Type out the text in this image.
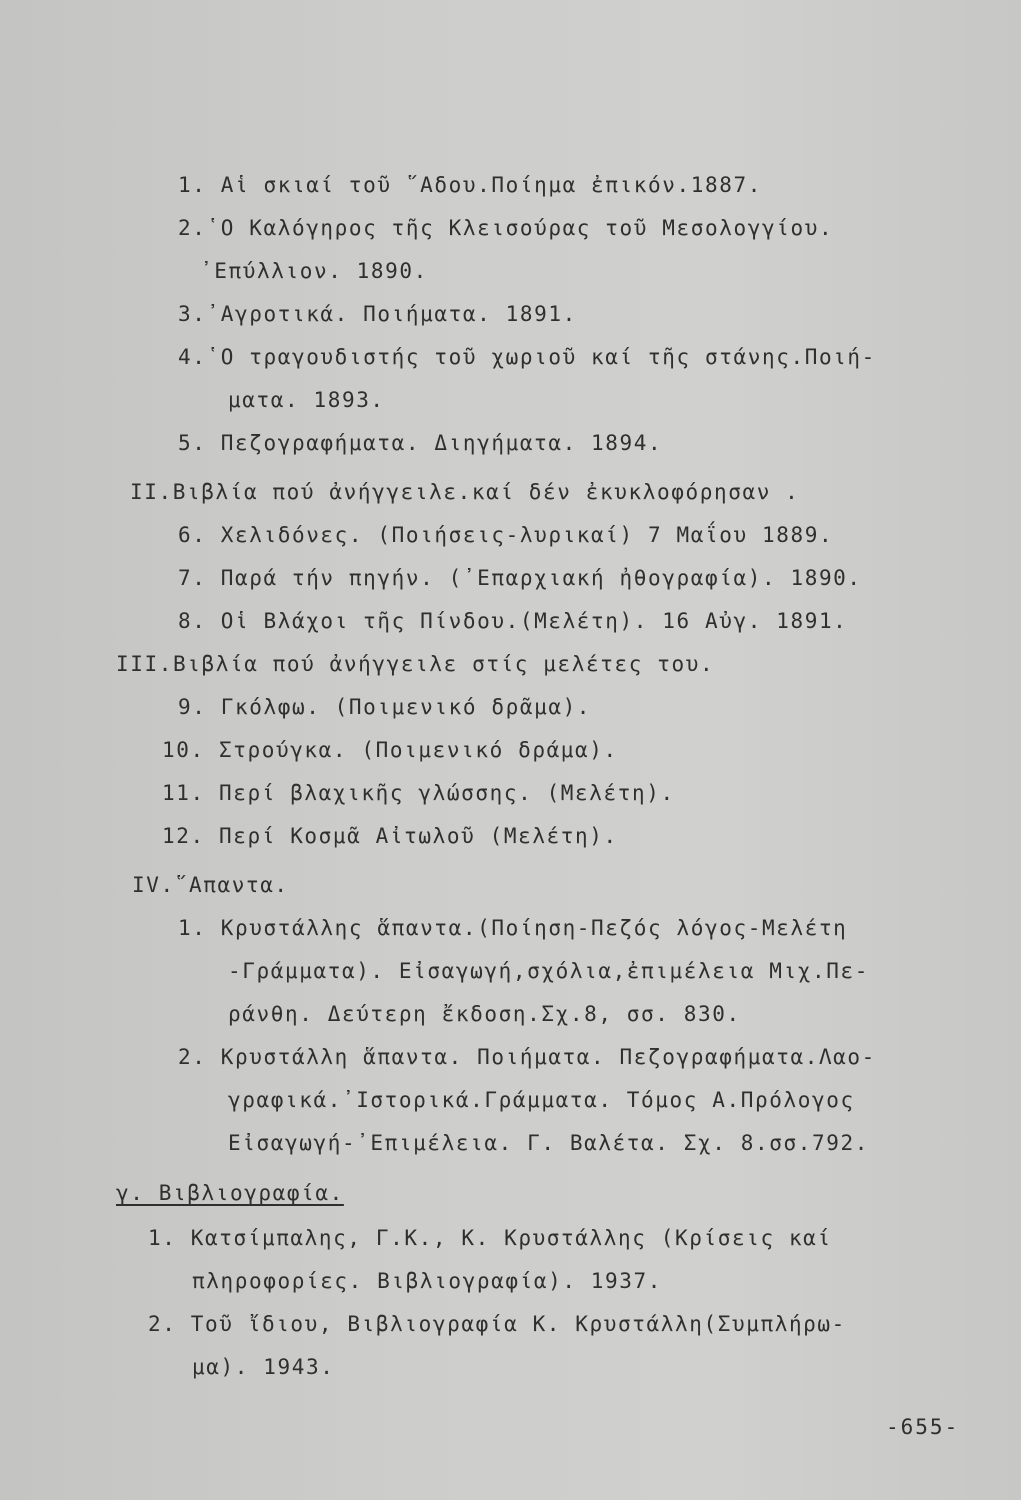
1. Αἱ σκιαί τοῦ ῞Αδου.Ποίημα ἐπικόν.1887.
2.῾Ο Καλόγηρος τῆς Κλεισούρας τοῦ Μεσολογγίου.
᾿Επύλλιον. 1890.
3.᾿Αγροτικά. Ποιήματα. 1891.
4.῾Ο τραγουδιστής τοῦ χωριοῦ καί τῆς στάνης.Ποιή-
ματα. 1893.
5. Πεζογραφήματα. Διηγήματα. 1894.
II.Βιβλία πού ἀνήγγειλε.καί δέν ἐκυκλοφόρησαν .
6. Χελιδόνες. (Ποιήσεις-λυρικαί) 7 Μαΐου 1889.
7. Παρά τήν πηγήν. (᾿Επαρχιακή ἠθογραφία). 1890.
8. Οἱ Βλάχοι τῆς Πίνδου.(Μελέτη). 16 Αὐγ. 1891.
III.Βιβλία πού ἀνήγγειλε στίς μελέτες του.
9. Γκόλφω. (Ποιμενικό δρᾶμα).
10. Στρούγκα. (Ποιμενικό δράμα).
11. Περί βλαχικῆς γλώσσης. (Μελέτη).
12. Περί Κοσμᾶ Αἰτωλοῦ (Μελέτη).
IV.῞Απαντα.
1. Κρυστάλλης ἅπαντα.(Ποίηση-Πεζός λόγος-Μελέτη
-Γράμματα). Εἰσαγωγή,σχόλια,ἐπιμέλεια Μιχ.Πε-
ράνθη. Δεύτερη ἔκδοση.Σχ.8, σσ. 830.
2. Κρυστάλλη ἅπαντα. Ποιήματα. Πεζογραφήματα.Λαο-
γραφικά.᾿Ιστορικά.Γράμματα. Τόμος Α.Πρόλογος
Εἰσαγωγή-᾿Επιμέλεια. Γ. Βαλέτα. Σχ. 8.σσ.792.
γ. Βιβλιογραφία.
1. Κατσίμπαλης, Γ.Κ., Κ. Κρυστάλλης (Κρίσεις καί
πληροφορίες. Βιβλιογραφία). 1937.
2. Τοῦ ἴδιου, Βιβλιογραφία Κ. Κρυστάλλη(Συμπλήρω-
μα). 1943.
-655-
